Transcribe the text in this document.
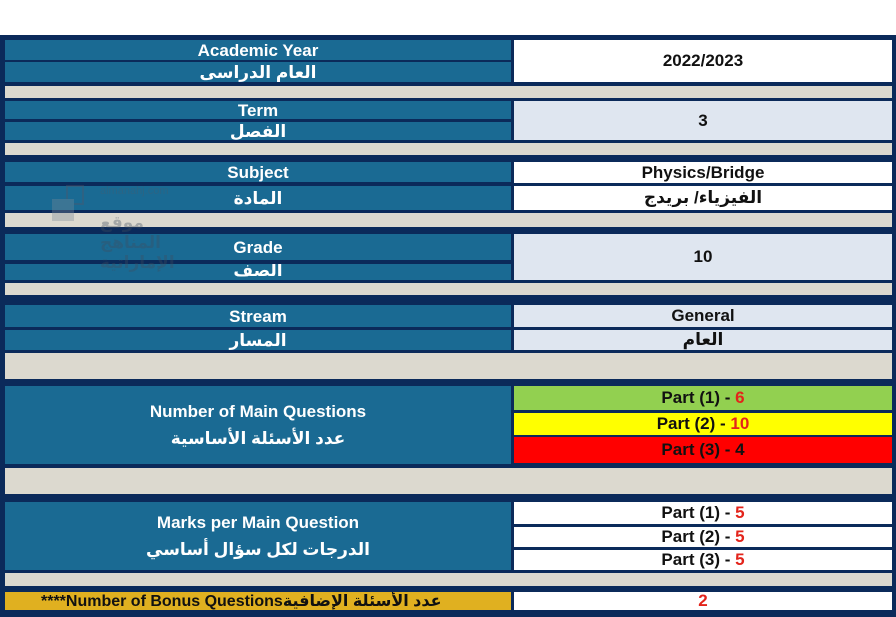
Academic Year
العام الدراسى
2022/2023
Term
الفصل
3
Subject
المادة
Physics/Bridge
الفيزياء/ بريدج
Grade
الصف
10
Stream
المسار
General
العام
Number of Main Questions
عدد الأسئلة الأساسية
Part (1) - 6
Part (2) - 10
Part (3) - 4
Marks per Main Question
الدرجات لكل سؤال أساسي
Part (1) - 5
Part (2) - 5
Part (3) - 5
****Number of Bonus Questionsعدد الأسئلة الإضافية	2
almanahj.com
موقع المناهج الإماراتية
